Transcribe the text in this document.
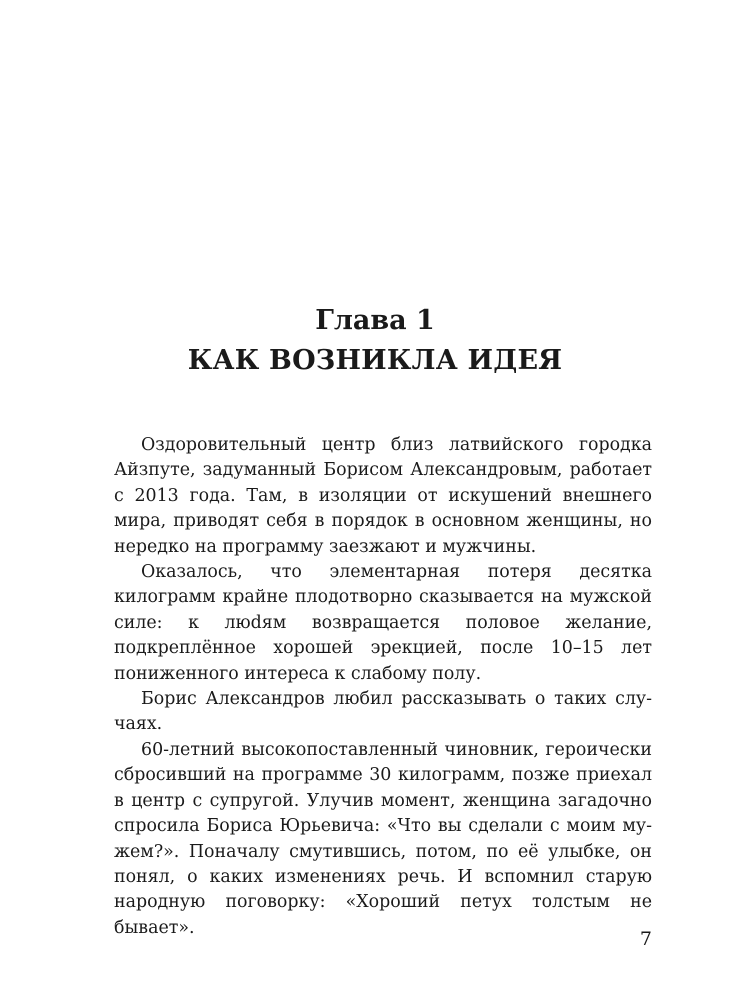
Глава 1
КАК ВОЗНИКЛА ИДЕЯ

Оздоровительный центр близ латвийского городка Айзпуте, задуманный Борисом Александровым, работает с 2013 года. Там, в изоляции от искушений внешнего мира, приводят себя в порядок в основном женщины, но нередко на программу заезжают и мужчины.

Оказалось, что элементарная потеря десятка килограмм крайне плодотворно сказывается на мужской силе: к люdям возвращается половое желание, подкреплённое хорошей эрекцией, после 10–15 лет пониженного интереса к слабому полу.

Борис Александров любил рассказывать о таких случаях.

60-летний высокопоставленный чиновник, героически сбросивший на программе 30 килограмм, позже приехал в центр с супругой. Улучив момент, женщина загадочно спросила Бориса Юрьевича: «Что вы сделали с моим мужем?». Поначалу смутившись, потом, по её улыбке, он понял, о каких изменениях речь. И вспомнил старую народную поговорку: «Хороший петух толстым не бывает».

7
